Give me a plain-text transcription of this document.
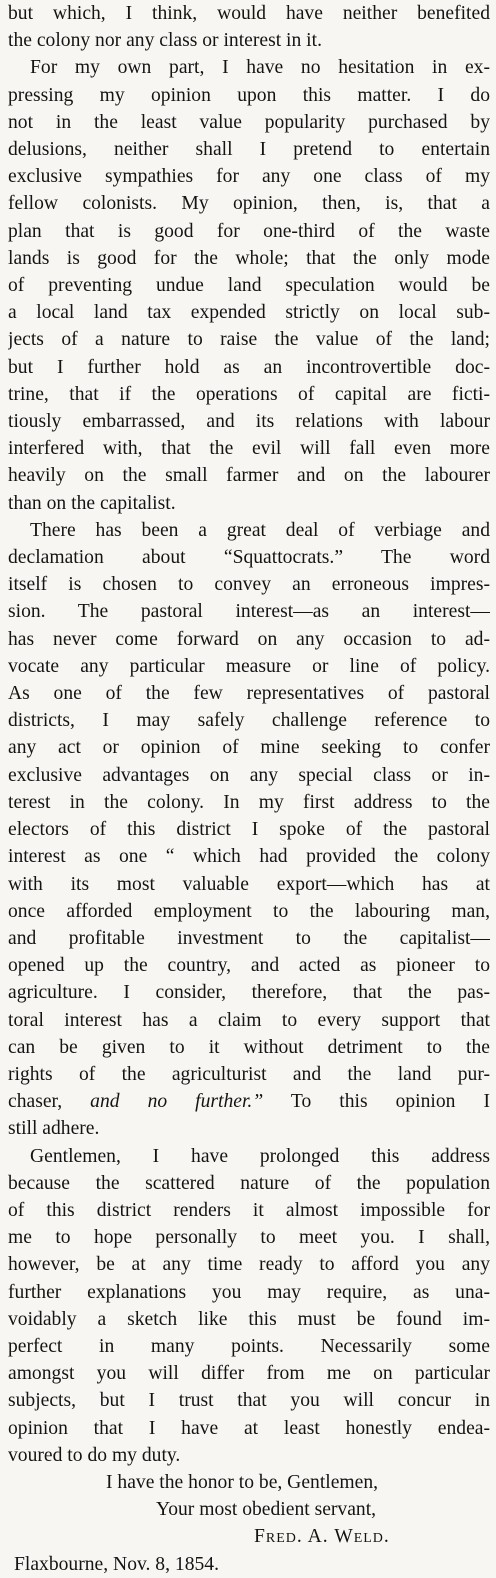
but which, I think, would have neither benefited
the colony nor any class or interest in it.
For my own part, I have no hesitation in ex-
pressing my opinion upon this matter. I do
not in the least value popularity purchased by
delusions, neither shall I pretend to entertain
exclusive sympathies for any one class of my
fellow colonists. My opinion, then, is, that a
plan that is good for one-third of the waste
lands is good for the whole; that the only mode
of preventing undue land speculation would be
a local land tax expended strictly on local sub-
jects of a nature to raise the value of the land;
but I further hold as an incontrovertible doc-
trine, that if the operations of capital are ficti-
tiously embarrassed, and its relations with labour
interfered with, that the evil will fall even more
heavily on the small farmer and on the labourer
than on the capitalist.
There has been a great deal of verbiage and
declamation about “Squattocrats.” The word
itself is chosen to convey an erroneous impres-
sion. The pastoral interest—as an interest—
has never come forward on any occasion to ad-
vocate any particular measure or line of policy.
As one of the few representatives of pastoral
districts, I may safely challenge reference to
any act or opinion of mine seeking to confer
exclusive advantages on any special class or in-
terest in the colony. In my first address to the
electors of this district I spoke of the pastoral
interest as one “ which had provided the colony
with its most valuable export—which has at
once afforded employment to the labouring man,
and profitable investment to the capitalist—
opened up the country, and acted as pioneer to
agriculture. I consider, therefore, that the pas-
toral interest has a claim to every support that
can be given to it without detriment to the
rights of the agriculturist and the land pur-
chaser, and no further.” To this opinion I
still adhere.
Gentlemen, I have prolonged this address
because the scattered nature of the population
of this district renders it almost impossible for
me to hope personally to meet you. I shall,
however, be at any time ready to afford you any
further explanations you may require, as una-
voidably a sketch like this must be found im-
perfect in many points. Necessarily some
amongst you will differ from me on particular
subjects, but I trust that you will concur in
opinion that I have at least honestly endea-
voured to do my duty.
I have the honor to be, Gentlemen,
Your most obedient servant,
Fred. A. Weld.
Flaxbourne, Nov. 8, 1854.
